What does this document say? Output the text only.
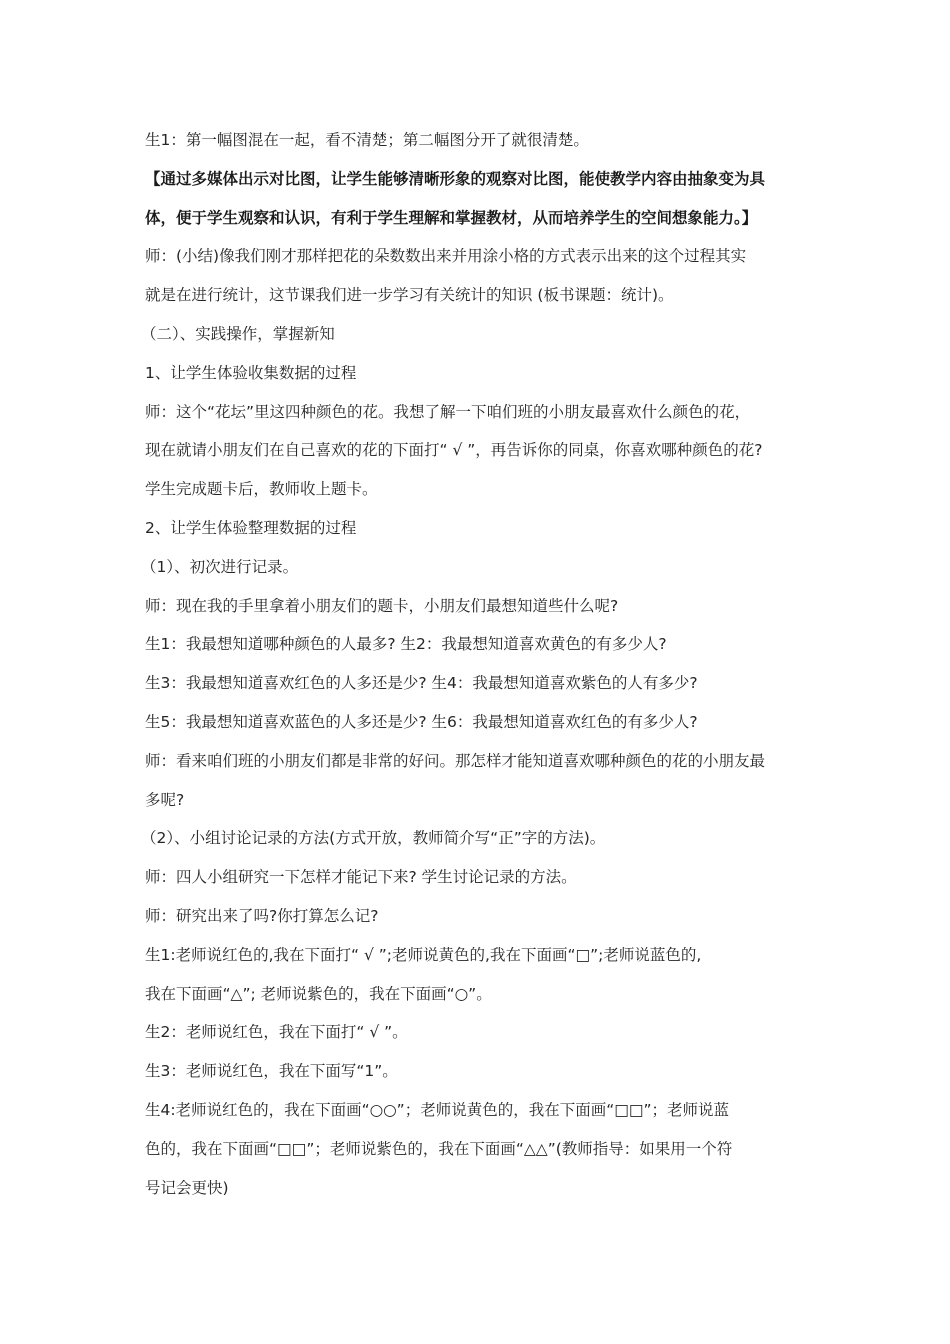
生1：第一幅图混在一起，看不清楚；第二幅图分开了就很清楚。
【通过多媒体出示对比图，让学生能够清晰形象的观察对比图，能使教学内容由抽象变为具
体，便于学生观察和认识，有利于学生理解和掌握教材，从而培养学生的空间想象能力。】
师：(小结)像我们刚才那样把花的朵数数出来并用涂小格的方式表示出来的这个过程其实
就是在进行统计，这节课我们进一步学习有关统计的知识 (板书课题：统计)。
（二）、实践操作，掌握新知
1、让学生体验收集数据的过程
师：这个“花坛”里这四种颜色的花。我想了解一下咱们班的小朋友最喜欢什么颜色的花，
现在就请小朋友们在自己喜欢的花的下面打“ √ ”，再告诉你的同桌，你喜欢哪种颜色的花?
学生完成题卡后，教师收上题卡。
2、让学生体验整理数据的过程
（1）、初次进行记录。
师：现在我的手里拿着小朋友们的题卡，小朋友们最想知道些什么呢?
生1：我最想知道哪种颜色的人最多? 生2：我最想知道喜欢黄色的有多少人?
生3：我最想知道喜欢红色的人多还是少? 生4：我最想知道喜欢紫色的人有多少?
生5：我最想知道喜欢蓝色的人多还是少? 生6：我最想知道喜欢红色的有多少人?
师：看来咱们班的小朋友们都是非常的好问。那怎样才能知道喜欢哪种颜色的花的小朋友最
多呢?
（2）、小组讨论记录的方法(方式开放，教师简介写“正”字的方法)。
师：四人小组研究一下怎样才能记下来? 学生讨论记录的方法。
师：研究出来了吗?你打算怎么记?
生1:老师说红色的,我在下面打“ √ ”;老师说黄色的,我在下面画“□”;老师说蓝色的,
我在下面画“△”; 老师说紫色的，我在下面画“○”。
生2：老师说红色，我在下面打“ √ ”。
生3：老师说红色，我在下面写“1”。
生4:老师说红色的，我在下面画“○○”；老师说黄色的，我在下面画“□□”；老师说蓝
色的，我在下面画“□□”；老师说紫色的，我在下面画“△△”(教师指导：如果用一个符
号记会更快)
